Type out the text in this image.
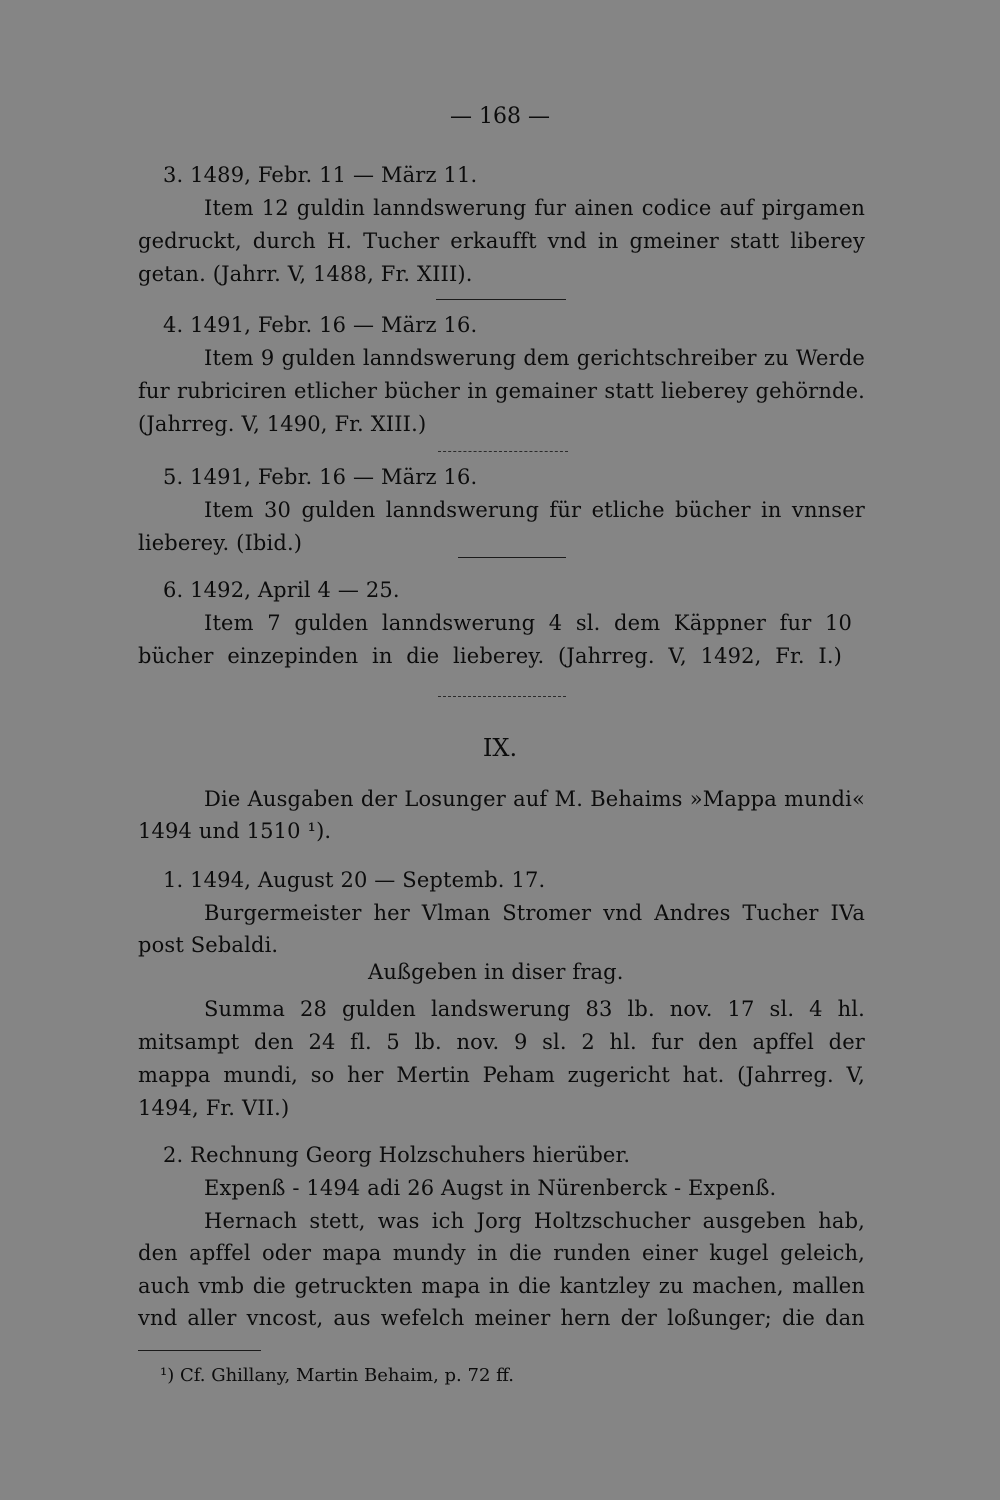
— 168 —
3. 1489, Febr. 11 — März 11.
Item 12 guldin lanndswerung fur ainen codice auf pirgamen
gedruckt, durch H. Tucher erkaufft vnd in gmeiner statt liberey
getan. (Jahrr. V, 1488, Fr. XIII).
4. 1491, Febr. 16 — März 16.
Item 9 gulden lanndswerung dem gerichtschreiber zu Werde
fur rubriciren etlicher bücher in gemainer statt lieberey gehörnde.
(Jahrreg. V, 1490, Fr. XIII.)
5. 1491, Febr. 16 — März 16.
Item 30 gulden lanndswerung für etliche bücher in vnnser
lieberey. (Ibid.)
6. 1492, April 4 — 25.
Item 7 gulden lanndswerung 4 sl. dem Käppner fur 10
bücher einzepinden in die lieberey. (Jahrreg. V, 1492, Fr. I.)
IX.
Die Ausgaben der Losunger auf M. Behaims »Mappa mundi«
1494 und 1510 ¹).
1. 1494, August 20 — Septemb. 17.
Burgermeister her Vlman Stromer vnd Andres Tucher IVa
post Sebaldi.
Außgeben in diser frag.
Summa 28 gulden landswerung 83 lb. nov. 17 sl. 4 hl.
mitsampt den 24 fl. 5 lb. nov. 9 sl. 2 hl. fur den apffel der
mappa mundi, so her Mertin Peham zugericht hat. (Jahrreg. V,
1494, Fr. VII.)
2. Rechnung Georg Holzschuhers hierüber.
Expenß - 1494 adi 26 Augst in Nürenberck - Expenß.
Hernach stett, was ich Jorg Holtzschucher ausgeben hab,
den apffel oder mapa mundy in die runden einer kugel geleich,
auch vmb die getruckten mapa in die kantzley zu machen, mallen
vnd aller vncost, aus wefelch meiner hern der loßunger; die dan
¹) Cf. Ghillany, Martin Behaim, p. 72 ff.
